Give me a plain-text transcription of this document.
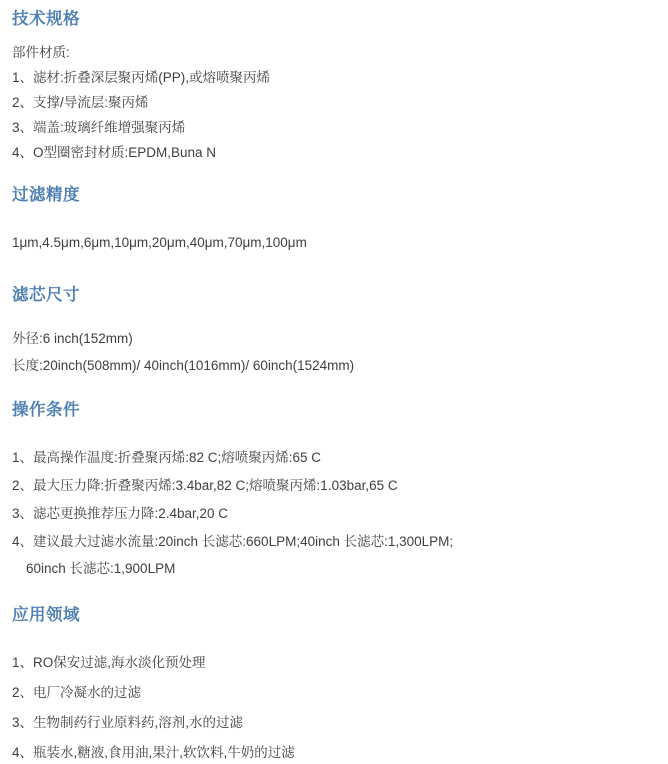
技术规格

部件材质:

1、滤材:折叠深层聚丙烯(PP),或熔喷聚丙烯

2、支撑/导流层:聚丙烯

3、端盖:玻璃纤维增强聚丙烯

4、O型圈密封材质:EPDM,Buna N

过滤精度

1μm,4.5μm,6μm,10μm,20μm,40μm,70μm,100μm

滤芯尺寸

外径:6 inch(152mm)

长度:20inch(508mm)/ 40inch(1016mm)/ 60inch(1524mm)

操作条件

1、最高操作温度:折叠聚丙烯:82 C;熔喷聚丙烯:65 C

2、最大压力降:折叠聚丙烯:3.4bar,82 C;熔喷聚丙烯:1.03bar,65 C

3、滤芯更换推荐压力降:2.4bar,20 C

4、建议最大过滤水流量:20inch 长滤芯:660LPM;40inch 长滤芯:1,300LPM;

60inch 长滤芯:1,900LPM

应用领域

1、RO保安过滤,海水淡化预处理

2、电厂冷凝水的过滤

3、生物制药行业原料药,溶剂,水的过滤

4、瓶装水,糖液,食用油,果汁,软饮料,牛奶的过滤
